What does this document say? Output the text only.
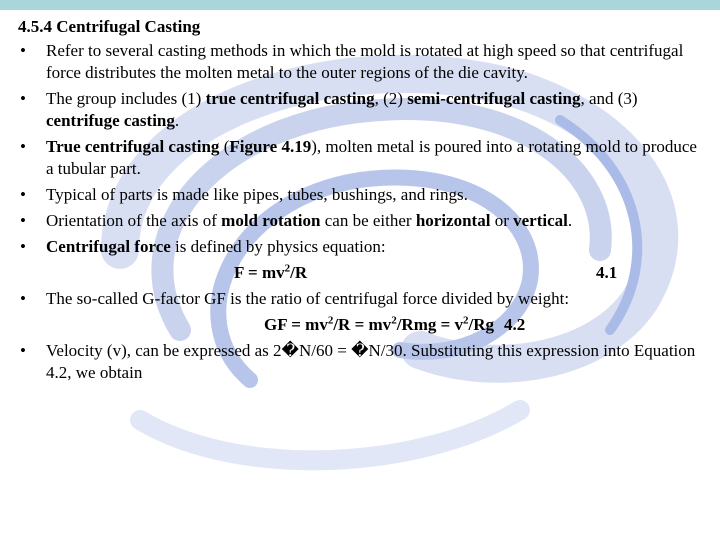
4.5.4 Centrifugal Casting
• Refer to several casting methods in which the mold is rotated at high speed so that centrifugal force distributes the molten metal to the outer regions of the die cavity.
• The group includes (1) true centrifugal casting, (2) semi-centrifugal casting, and (3) centrifuge casting.
• True centrifugal casting (Figure 4.19), molten metal is poured into a rotating mold to produce a tubular part.
• Typical of parts is made like pipes, tubes, bushings, and rings.
• Orientation of the axis of mold rotation can be either horizontal or vertical.
• Centrifugal force is defined by physics equation:
$F = mv^2/R$	4.1
• The so-called G-factor GF is the ratio of centrifugal force divided by weight:
GF = $mv^2/R = mv^2/Rmg = v^2/Rg$ 4.2
• Velocity (v), can be expressed as 2�N/60 = �N/30. Substituting this expression into Equation 4.2, we obtain
